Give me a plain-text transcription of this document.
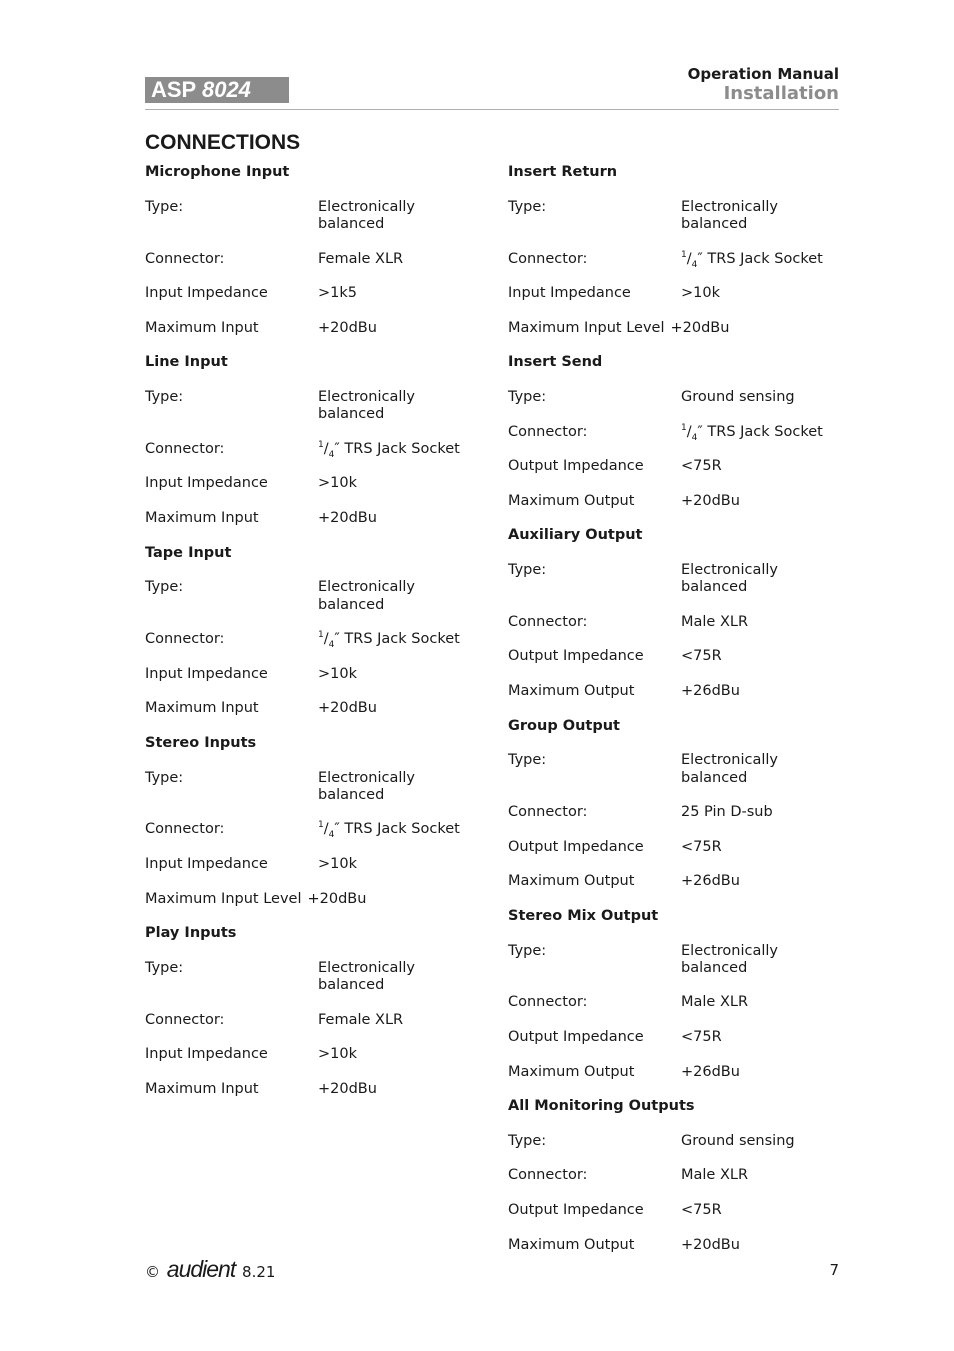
ASP 8024
Operation Manual
Installation
CONNECTIONS
Microphone Input
Type:	Electronically balanced
Connector:	Female XLR
Input Impedance	>1k5
Maximum Input	+20dBu
Line Input
Type:	Electronically balanced
Connector:	$^1/_4''$ TRS Jack Socket
Input Impedance	>10k
Maximum Input	+20dBu
Tape Input
Type:	Electronically balanced
Connector:	$^1/_4''$ TRS Jack Socket
Input Impedance	>10k
Maximum Input	+20dBu
Stereo Inputs
Type:	Electronically balanced
Connector:	$^1/_4''$ TRS Jack Socket
Input Impedance	>10k
Maximum Input Level +20dBu
Play Inputs
Type:	Electronically balanced
Connector:	Female XLR
Input Impedance	>10k
Maximum Input	+20dBu
Insert Return
Type:	Electronically balanced
Connector:	$^1/_4''$ TRS Jack Socket
Input Impedance	>10k
Maximum Input Level +20dBu
Insert Send
Type:	Ground sensing
Connector:	$^1/_4''$ TRS Jack Socket
Output Impedance	<75R
Maximum Output	+20dBu
Auxiliary Output
Type:	Electronically balanced
Connector:	Male XLR
Output Impedance	<75R
Maximum Output	+26dBu
Group Output
Type:	Electronically balanced
Connector:	25 Pin D-sub
Output Impedance	<75R
Maximum Output	+26dBu
Stereo Mix Output
Type:	Electronically balanced
Connector:	Male XLR
Output Impedance	<75R
Maximum Output	+26dBu
All Monitoring Outputs
Type:	Ground sensing
Connector:	Male XLR
Output Impedance	<75R
Maximum Output	+20dBu
© audient 8.21	7
